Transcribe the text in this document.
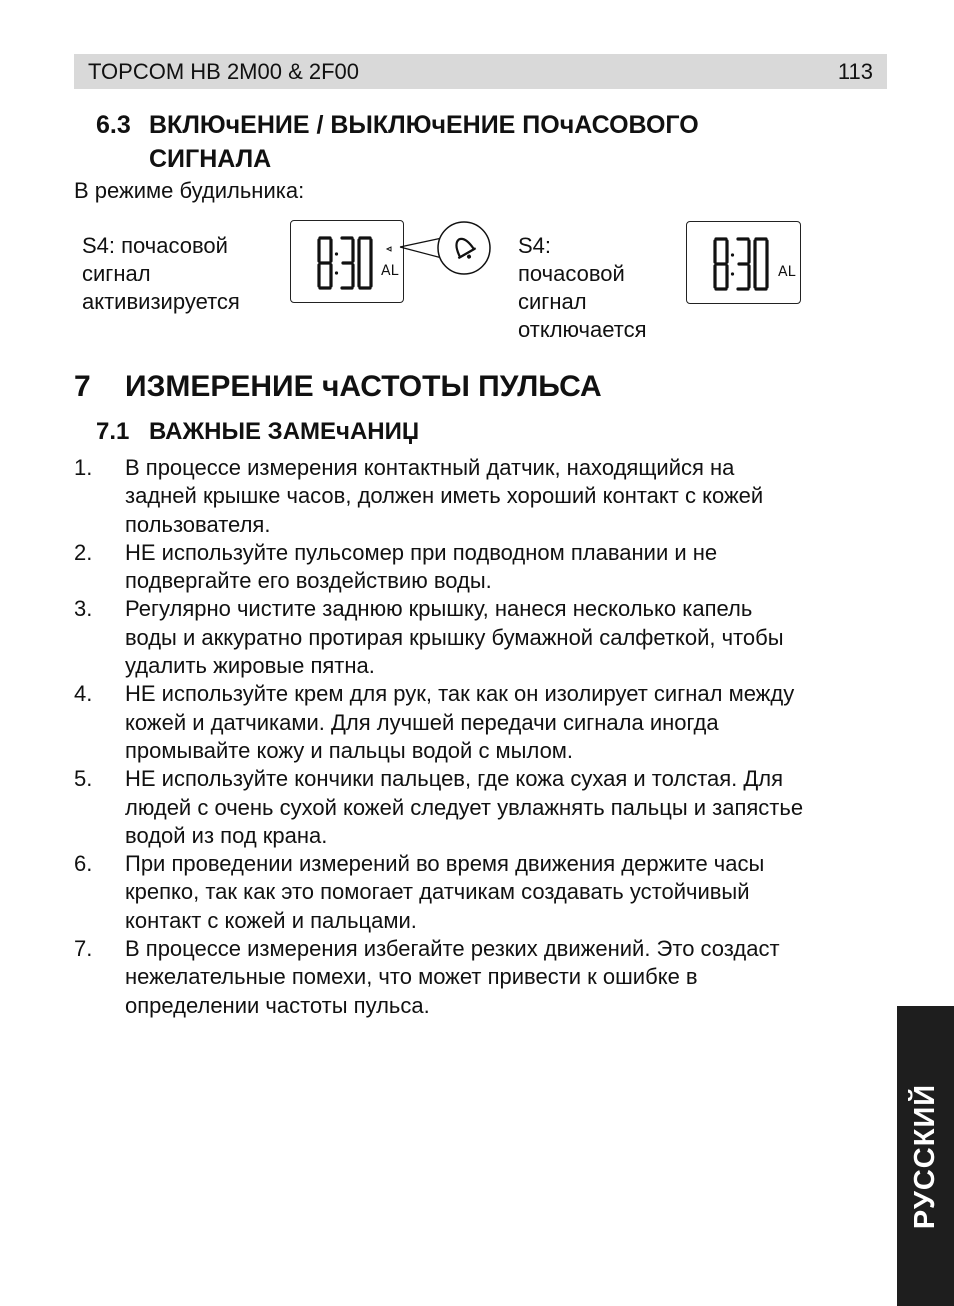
TOPCOM HB 2M00 & 2F00	113
6.3 ВКЛЮчЕНИЕ / ВЫКЛЮчЕНИЕ ПОчАСОВОГО
СИГНАЛА
В режиме будильника:
S4: почасовой
сигнал
активизируется
AL
S4:
почасовой
сигнал
отключается
AL
7 ИЗМЕРЕНИЕ чАСТОТЫ ПУЛЬСА
7.1 ВАЖНЫЕ ЗАМЕчАНИЏ
1. В процессе измерения контактный датчик, находящийся на
задней крышке часов, должен иметь хороший контакт с кожей
пользователя.
2. НЕ используйте пульсомер при подводном плавании и не
подвергайте его воздействию воды.
3. Регулярно чистите заднюю крышку, нанеся несколько капель
воды и аккуратно протирая крышку бумажной салфеткой, чтобы
удалить жировые пятна.
4. НЕ используйте крем для рук, так как он изолирует сигнал между
кожей и датчиками. Для лучшей передачи сигнала иногда
промывайте кожу и пальцы водой с мылом.
5. НЕ используйте кончики пальцев, где кожа сухая и толстая. Для
людей с очень сухой кожей следует увлажнять пальцы и запястье
водой из под крана.
6. При проведении измерений во время движения держите часы
крепко, так как это помогает датчикам создавать устойчивый
контакт с кожей и пальцами.
7. В процессе измерения избегайте резких движений. Это создаст
нежелательные помехи, что может привести к ошибке в
определении частоты пульса.
РУССКИЙ
